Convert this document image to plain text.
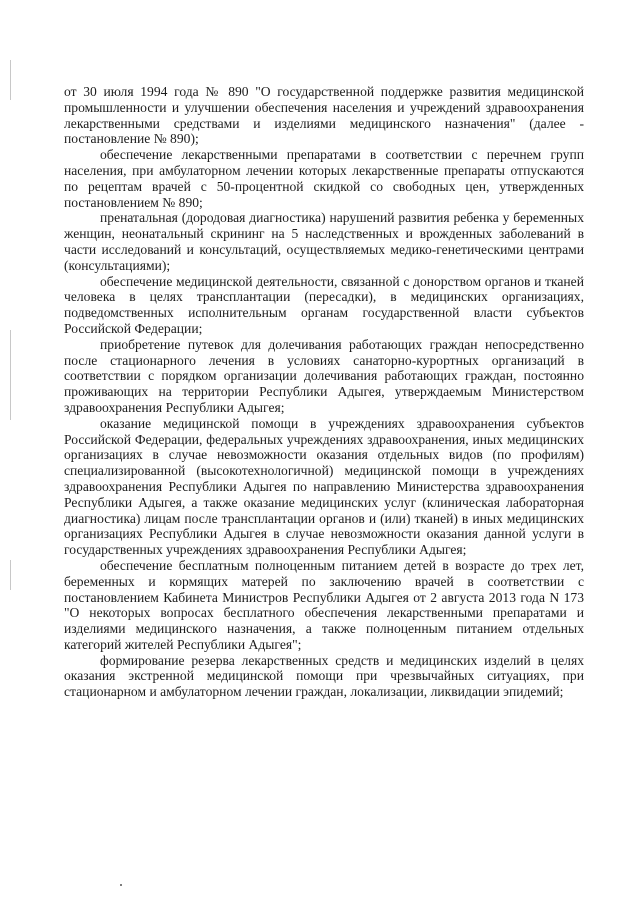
от 30 июля 1994 года № 890 "О государственной поддержке развития медицинской промышленности и улучшении обеспечения населения и учреждений здравоохранения лекарственными средствами и изделиями медицинского назначения" (далее - постановление № 890);

обеспечение лекарственными препаратами в соответствии с перечнем групп населения, при амбулаторном лечении которых лекарственные препараты отпускаются по рецептам врачей с 50-процентной скидкой со свободных цен, утвержденных постановлением № 890;

пренатальная (дородовая диагностика) нарушений развития ребенка у беременных женщин, неонатальный скрининг на 5 наследственных и врожденных заболеваний в части исследований и консультаций, осуществляемых медико-генетическими центрами (консультациями);

обеспечение медицинской деятельности, связанной с донорством органов и тканей человека в целях трансплантации (пересадки), в медицинских организациях, подведомственных исполнительным органам государственной власти субъектов Российской Федерации;

приобретение путевок для долечивания работающих граждан непосредственно после стационарного лечения в условиях санаторно-курортных организаций в соответствии с порядком организации долечивания работающих граждан, постоянно проживающих на территории Республики Адыгея, утверждаемым Министерством здравоохранения Республики Адыгея;

оказание медицинской помощи в учреждениях здравоохранения субъектов Российской Федерации, федеральных учреждениях здравоохранения, иных медицинских организациях в случае невозможности оказания отдельных видов (по профилям) специализированной (высокотехнологичной) медицинской помощи в учреждениях здравоохранения Республики Адыгея по направлению Министерства здравоохранения Республики Адыгея, а также оказание медицинских услуг (клиническая лабораторная диагностика) лицам после трансплантации органов и (или) тканей) в иных медицинских организациях Республики Адыгея в случае невозможности оказания данной услуги в государственных учреждениях здравоохранения Республики Адыгея;

обеспечение бесплатным полноценным питанием детей в возрасте до трех лет, беременных и кормящих матерей по заключению врачей в соответствии с постановлением Кабинета Министров Республики Адыгея от 2 августа 2013 года N 173 "О некоторых вопросах бесплатного обеспечения лекарственными препаратами и изделиями медицинского назначения, а также полноценным питанием отдельных категорий жителей Республики Адыгея";

формирование резерва лекарственных средств и медицинских изделий в целях оказания экстренной медицинской помощи при чрезвычайных ситуациях, при стационарном и амбулаторном лечении граждан, локализации, ликвидации эпидемий;
